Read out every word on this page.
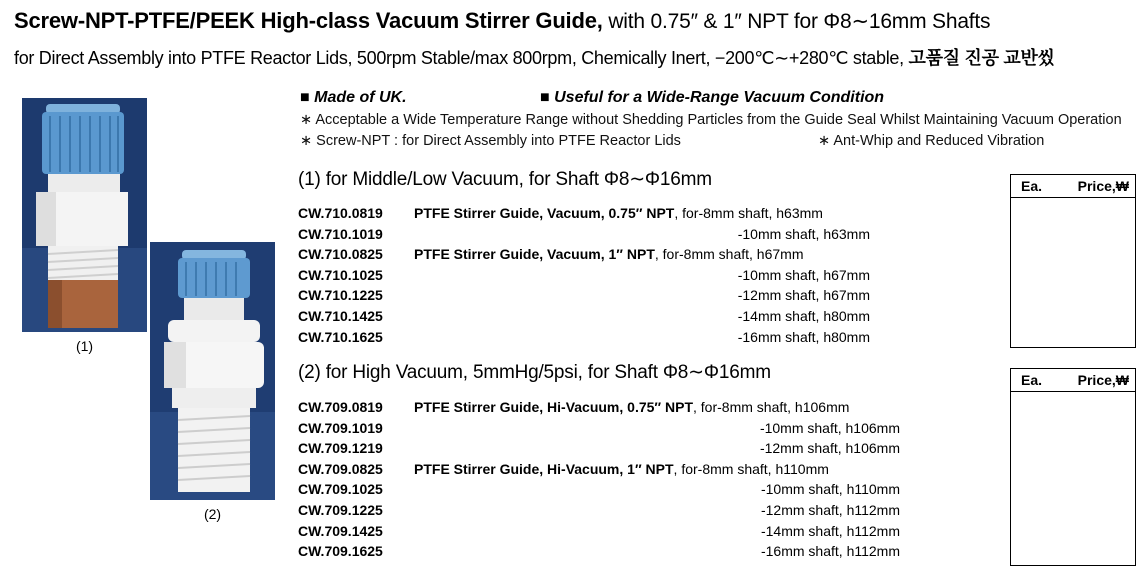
Screw-NPT-PTFE/PEEK High-class Vacuum Stirrer Guide, with 0.75″ & 1″ NPT for Φ8∼16mm Shafts
for Direct Assembly into PTFE Reactor Lids, 500rpm Stable/max 800rpm, Chemically Inert, −200℃∼+280℃ stable, 고품질 진공 교반씼
(1)
(2)
■ Made of UK.	■ Useful for a Wide-Range Vacuum Condition
∗ Acceptable a Wide Temperature Range without Shedding Particles from the Guide Seal Whilst Maintaining Vacuum Operation
∗ Screw-NPT : for Direct Assembly into PTFE Reactor Lids	∗ Ant-Whip and Reduced Vibration
(1) for Middle/Low Vacuum, for Shaft Φ8∼Φ16mm	Ea.	Price,₩
(2) for High Vacuum, 5mmHg/5psi, for Shaft Φ8∼Φ16mm	Ea.	Price,₩
CW.710.0819 PTFE Stirrer Guide, Vacuum, 0.75″ NPT, for-8mm shaft, h63mm
CW.710.1019	-10mm shaft, h63mm
CW.710.0825 PTFE Stirrer Guide, Vacuum, 1″ NPT, for-8mm shaft, h67mm
CW.710.1025	-10mm shaft, h67mm
CW.710.1225	-12mm shaft, h67mm
CW.710.1425	-14mm shaft, h80mm
CW.710.1625	-16mm shaft, h80mm
CW.709.0819 PTFE Stirrer Guide, Hi-Vacuum, 0.75″ NPT, for-8mm shaft, h106mm
CW.709.1019	-10mm shaft, h106mm
CW.709.1219	-12mm shaft, h106mm
CW.709.0825 PTFE Stirrer Guide, Hi-Vacuum, 1″ NPT, for-8mm shaft, h110mm
CW.709.1025	-10mm shaft, h110mm
CW.709.1225	-12mm shaft, h112mm
CW.709.1425	-14mm shaft, h112mm
CW.709.1625	-16mm shaft, h112mm
